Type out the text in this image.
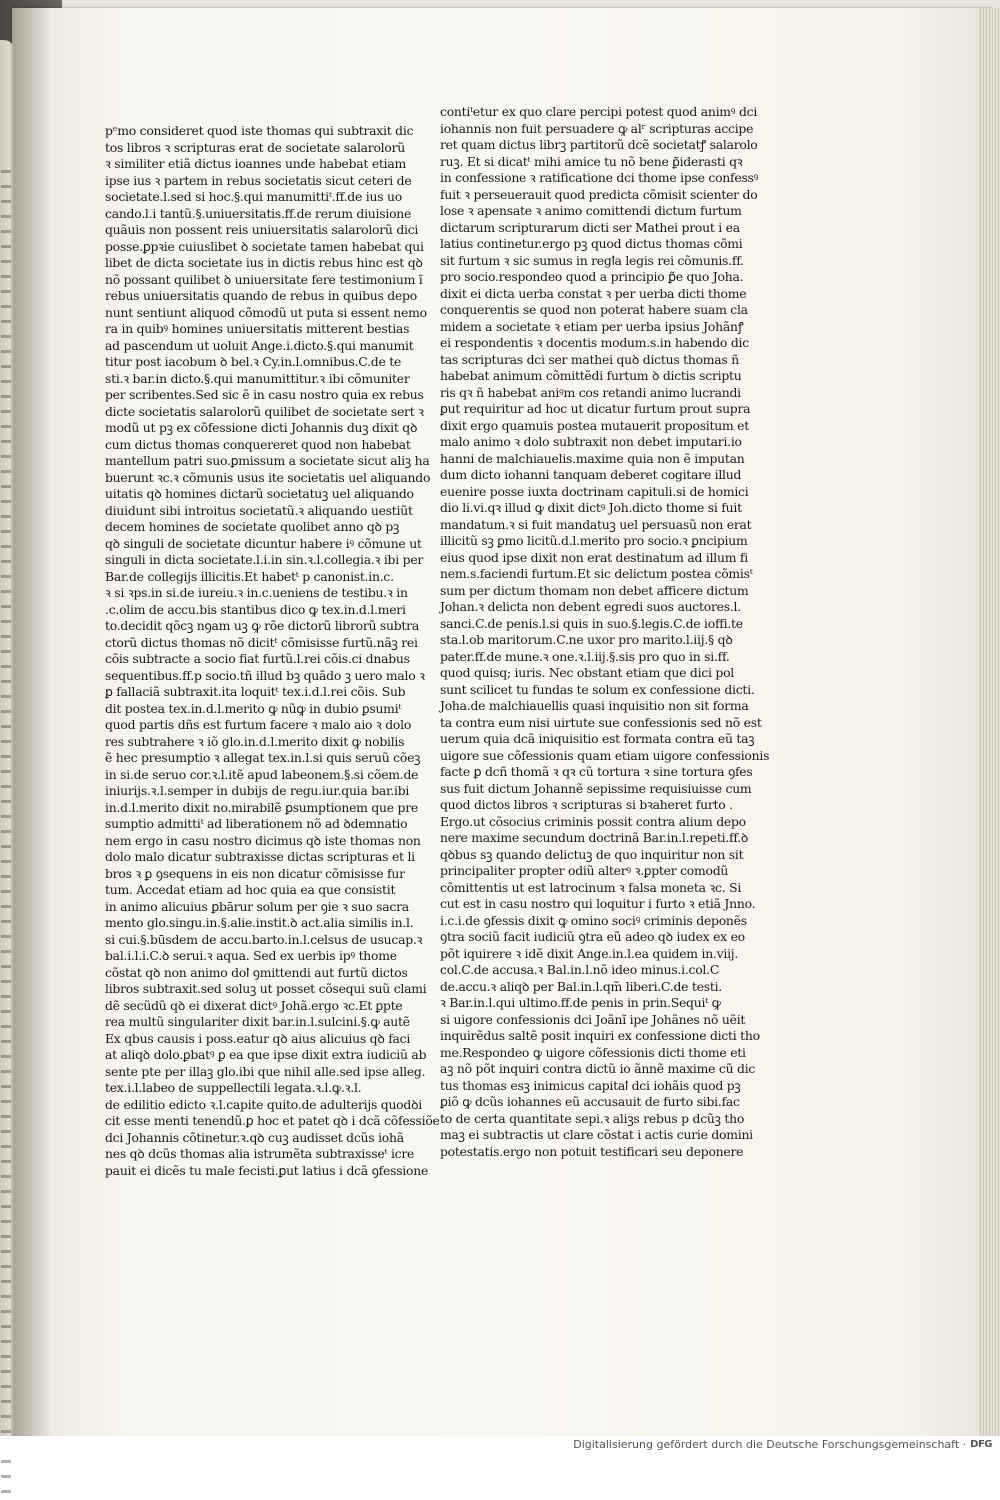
pᵉmo consideret quod iste thomas qui subtraxit dic
tos libros ꝛ scripturas erat de societate salarolorũ
ꝛ similiter etiã dictus ioannes unde habebat etiam
ipse ius ꝛ partem in rebus societatis sicut ceteri de
societate.l.sed si hoc.§.qui manumittiᵗ.ff.de ius uo
cando.l.i tantũ.§.uniuersitatis.ff.de rerum diuisione
quãuis non possent reis uniuersitatis salarolorũ dici
posse.ꝑpꝛie cuiuslibet ꝺ societate tamen habebat qui
libet de dicta societate ius in dictis rebus hinc est qꝺ
nõ possant quilibet ꝺ uniuersitate fere testimonium ĩ
rebus uniuersitatis quando de rebus in quibus depo
nunt sentiunt aliquod cõmodũ ut puta si essent nemo
ra in quibꝰ homines uniuersitatis mitterent bestias
ad pascendum ut uoluit Ange.i.dicto.§.qui manumit
titur post iacobum ꝺ bel.ꝛ Cy.in.l.omnibus.C.de te
sti.ꝛ bar.in dicto.§.qui manumittitur.ꝛ ibi cõmuniter
per scribentes.Sed sic ẽ in casu nostro quia ex rebus
dicte societatis salarolorũ quilibet de societate sert ꝛ
modũ ut pꝫ ex cõfessione dicti Johannis duꝫ dixit qꝺ
cum dictus thomas conquereret quod non habebat
mantellum patri suo.ꝑmissum a societate sicut aliꝫ ha
buerunt ꝛc.ꝛ cõmunis usus ite societatis uel aliquando
uitatis qꝺ homines dictarũ societatuꝫ uel aliquando
diuidunt sibi introitus societatũ.ꝛ aliquando uestiũt
decem homines de societate quolibet anno qꝺ pꝫ
qꝺ singuli de societate dicuntur habere iꝰ cõmune ut
singuli in dicta societate.l.i.in sin.ꝛ.l.collegia.ꝛ ibi per
Bar.de collegijs illicitis.Et habetᵗ p canonist.in.c.
ꝛ si ꝛps.in si.de iureiu.ꝛ in.c.ueniens de testibu.ꝛ in
.c.olim de accu.bis stantibus dico ꝙ tex.in.d.l.meri
to.decidit qõcꝫ nꝯam uꝫ ꝙ rõe dictorũ librorũ subtra
ctorũ dictus thomas nõ dicitᵗ cõmisisse furtũ.nãꝫ rei
cõis subtracte a socio fiat furtũ.l.rei cõis.ci dnabus
sequentibus.ff.p socio.tñ illud bꝫ quãdo ꝫ uero malo ꝛ
ꝑ fallaciã subtraxit.ita loquitᵗ tex.i.d.l.rei cõis. Sub
dit postea tex.in.d.l.merito ꝙ nũꝙ in dubio ꝑsumiᵗ
quod partis dñs est furtum facere ꝛ malo aio ꝛ dolo
res subtrahere ꝛ iõ glo.in.d.l.merito dixit ꝙ nobilis
ẽ hec presumptio ꝛ allegat tex.in.l.si quis seruũ cõeꝫ
in si.de seruo cor.ꝛ.l.itẽ apud labeonem.§.si cõem.de
iniurijs.ꝛ.l.semper in dubijs de regu.iur.quia bar.ibi
in.d.l.merito dixit no.mirabilẽ ꝑsumptionem que pre
sumptio admittiᵗ ad liberationem nõ ad ꝺdemnatio
nem ergo in casu nostro dicimus qꝺ iste thomas non
dolo malo dicatur subtraxisse dictas scripturas et li
bros ꝛ ꝑ ꝯsequens in eis non dicatur cõmisisse fur
tum. Accedat etiam ad hoc quia ea que consistit
in animo alicuius ꝑbārur solum per ꝯie ꝛ suo sacra
mento glo.singu.in.§.alie.instit.ꝺ act.alia similis in.l.
si cui.§.būsdem de accu.barto.in.l.celsus de usucap.ꝛ
bal.i.l.i.C.ꝺ serui.ꝛ aqua. Sed ex uerbis ipꝰ thome
cõstat qꝺ non animo doꝉ ꝯmittendi aut furtũ dictos
libros subtraxit.sed soluꝫ ut posset cõsequi suũ clami
dẽ secũdũ qꝺ ei dixerat dictꝰ Johã.ergo ꝛc.Et ꝑpte
rea multũ singulariter dixit bar.in.l.sulcini.§.ꝙ autẽ
Ex qbus causis i poss.eatur qꝺ aius alicuius qꝺ faci
at aliqꝺ dolo.ꝑbatꝰ ꝑ ea que ipse dixit extra iudiciũ ab
sente pte per illaꝫ glo.ibi que nihil alle.sed ipse alleg.
tex.i.l.labeo de suppellectili legata.ꝛ.l.ꝙ.ꝛ.l.
de edilitio edicto ꝛ.l.capite quito.de adulterijs quodꝺi
cit esse menti tenendũ.ꝑ hoc et patet qꝺ i dcã cõfessiõe
dci Johannis cõtinetur.ꝛ.qꝺ cuꝫ audisset dcũs iohã
nes qꝺ dcũs thomas alia istrumẽta subtraxisseᵗ icre
pauit ei dicẽs tu male fecisti.ꝑut latius i dcã ꝯfessione
contiᵗetur ex quo clare percipi potest quod animꝰ dci
iohannis non fuit persuadere ꝙ alʳ scripturas accipe
ret quam dictus librꝫ partitorũ dcẽ societatꝭ salarolo
ruꝫ. Et si dicatᵗ mihi amice tu nõ bene ꝑ̃iderasti qꝛ
in confessione ꝛ ratificatione dci thome ipse confessꝰ
fuit ꝛ perseuerauit quod predicta cõmisit scienter do
lose ꝛ apensate ꝛ animo comittendi dictum furtum
dictarum scripturarum dicti ser Mathei prout i ea
latius continetur.ergo pꝫ quod dictus thomas cõmi
sit furtum ꝛ sic sumus in regꝉa legis rei cõmunis.ff.
pro socio.respondeo quod a principio ꝑ̃e quo Joha.
dixit ei dicta uerba constat ꝛ per uerba dicti thome
conquerentis se quod non poterat habere suam cla
midem a societate ꝛ etiam per uerba ipsius Johãnꝭ
ei respondentis ꝛ docentis modum.s.in habendo dic
tas scripturas dci ser mathei quꝺ dictus thomas ñ
habebat animum cõmittẽdi furtum ꝺ dictis scriptu
ris qꝛ ñ habebat aniꝰm cos retandi animo lucrandi
ꝑut requiritur ad hoc ut dicatur furtum prout supra
dixit ergo quamuis postea mutauerit propositum et
malo animo ꝛ dolo subtraxit non debet imputari.io
hanni de malchiauelis.maxime quia non ẽ imputan
dum dicto iohanni tanquam deberet cogitare illud
euenire posse iuxta doctrinam capituli.si de homici
dio li.vi.qꝛ illud ꝙ dixit dictꝰ Joh.dicto thome si fuit
mandatum.ꝛ si fuit mandatuꝫ uel persuasũ non erat
illicitũ sꝫ ꝑmo licitũ.d.l.merito pro socio.ꝛ ꝑncipium
eius quod ipse dixit non erat destinatum ad illum fi
nem.s.faciendi furtum.Et sic delictum postea cõmisᵗ
sum per dictum thomam non debet afficere dictum
Johan.ꝛ delicta non debent egredi suos auctores.l.
sanci.C.de penis.l.si quis in suo.§.legis.C.de ioffi.te
sta.l.ob maritorum.C.ne uxor pro marito.l.iij.§ qꝺ
pater.ff.de mune.ꝛ one.ꝛ.l.iij.§.sis pro quo in si.ff.
quod quisq; iuris. Nec obstant etiam que dici pol
sunt scilicet tu fundas te solum ex confessione dicti.
Joha.de malchiauellis quasi inquisitio non sit forma
ta contra eum nisi uirtute sue confessionis sed nõ est
uerum quia dcã iniquisitio est formata contra eũ taꝫ
uigore sue cõfessionis quam etiam uigore confessionis
facte ꝑ dcñ thomã ꝛ qꝛ cũ tortura ꝛ sine tortura ꝯfes
sus fuit dictum Johannẽ sepissime requisiuisse cum
quod dictos libros ꝛ scripturas si bꝛaheret furto .
Ergo.ut cõsocius criminis possit contra alium depo
nere maxime secundum doctrinã Bar.in.l.repeti.ff.ꝺ
qꝺbus sꝫ quando delictuꝫ de quo inquiritur non sit
principaliter propter odiũ alterꝰ ꝛ.ꝑpter comodũ
cõmittentis ut est latrocinum ꝛ falsa moneta ꝛc. Si
cut est in casu nostro qui loquitur i furto ꝛ etiã Jnno.
i.c.i.de ꝯfessis dixit ꝙ omino sociꝰ criminis deponẽs
ꝯtra sociũ facit iudiciũ ꝯtra eũ adeo qꝺ iudex ex eo
põt iquirere ꝛ idẽ dixit Ange.in.l.ea quidem in.viij.
col.C.de accusa.ꝛ Bal.in.l.nõ ideo minus.i.col.C
de.accu.ꝛ aliqꝺ per Bal.in.l.qm̃ liberi.C.de testi.
ꝛ Bar.in.l.qui ultimo.ff.de penis in prin.Sequiᵗ ꝙ
si uigore confessionis dci Joãnĩ ipe Johãnes nõ uẽit
inquirẽdus saltẽ posit inquiri ex confessione dicti tho
me.Respondeo ꝙ uigore cõfessionis dicti thome eti
aꝫ nõ põt inquiri contra dictũ io ãnnẽ maxime cũ dic
tus thomas esꝫ inimicus capitaꝉ dci iohãis quod pꝫ
ꝑiõ ꝙ dcũs iohannes eũ accusauit de furto sibi.fac
to de certa quantitate sepi.ꝛ aliꝫs rebus p dcũꝫ tho
maꝫ ei subtractis ut clare cõstat i actis curie domini
potestatis.ergo non potuit testificari seu deponere
Digitalisierung gefördert durch die Deutsche Forschungsgemeinschaft · DFG
